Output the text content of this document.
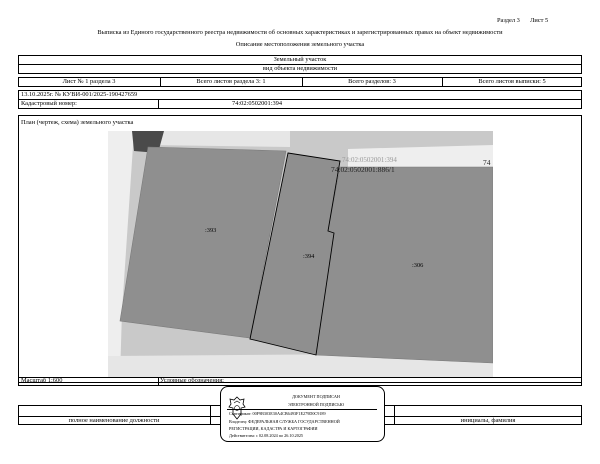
Раздел 3 Лист 5
Выписка из Единого государственного реестра недвижимости об основных характеристиках и зарегистрированных правах на объект недвижимости
Описание местоположения земельного участка
Земельный участок
вид объекта недвижимости
Лист № 1 раздела 3	Всего листов раздела 3: 1	Всего разделов: 3	Всего листов выписки: 5
13.10.2025г. № КУВИ-001/2025-190427659
Кадастровый номер:	74:02:0502001:394
План (чертеж, схема) земельного участка
:393
:394
:306
74:02:0502001:886/1
74:02:0502001:394	74
Масштаб 1:600	Условные обозначения:
полное наименование должности	инициалы, фамилия
ДОКУМЕНТ ПОДПИСАН
ЭЛЕКТРОННОЙ ПОДПИСЬЮ
Сертификат: 00F9B303E30A4CB6493F1E279D0C9189
Владелец: ФЕДЕРАЛЬНАЯ СЛУЖБА ГОСУДАРСТВЕННОЙ
РЕГИСТРАЦИИ, КАДАСТРА И КАРТОГРАФИИ
Действителен: с 02.08.2024 по 26.10.2025
